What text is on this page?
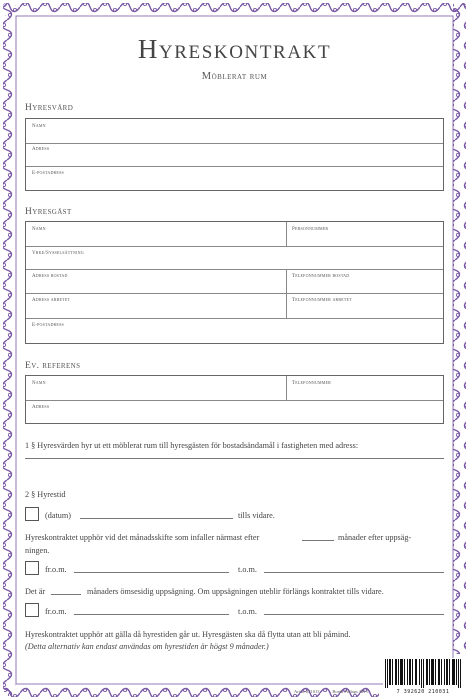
Hyreskontrakt
Möblerat rum
Hyresvärd
Namn
Adress
E-postadress
Hyresgäst
Namn	Personnummer
Yrke/Sysselsättning
Adress bostad	Telefonnummer bostad
Adress arbetet	Telefonnummer arbetet
E-postadress
Ev. referens
Namn	Telefonnummer
Adress
1 § Hyresvärden hyr ut ett möblerat rum till hyresgästen för bostadsändamål i fastigheten med adress:
2 § Hyrestid
(datum)	tills vidare.
Hyreskontraktet upphör vid det månadsskifte som infaller närmast efter	månader efter uppsäg-
ningen.
fr.o.m.	t.o.m.
Det är	månaders ömsesidig uppsägning. Om uppsägningen uteblir förlängs kontraktet tills vidare.
fr.o.m.	t.o.m.
Hyreskontraktet upphör att gälla då hyrestiden går ut. Hyresgästen ska då flytta utan att bli påmind.
(Detta alternativ kan endast användas om hyrestiden är högst 9 månader.)
Art nr 221013 – Bonia Förlags AB ©	7 392620 210031
